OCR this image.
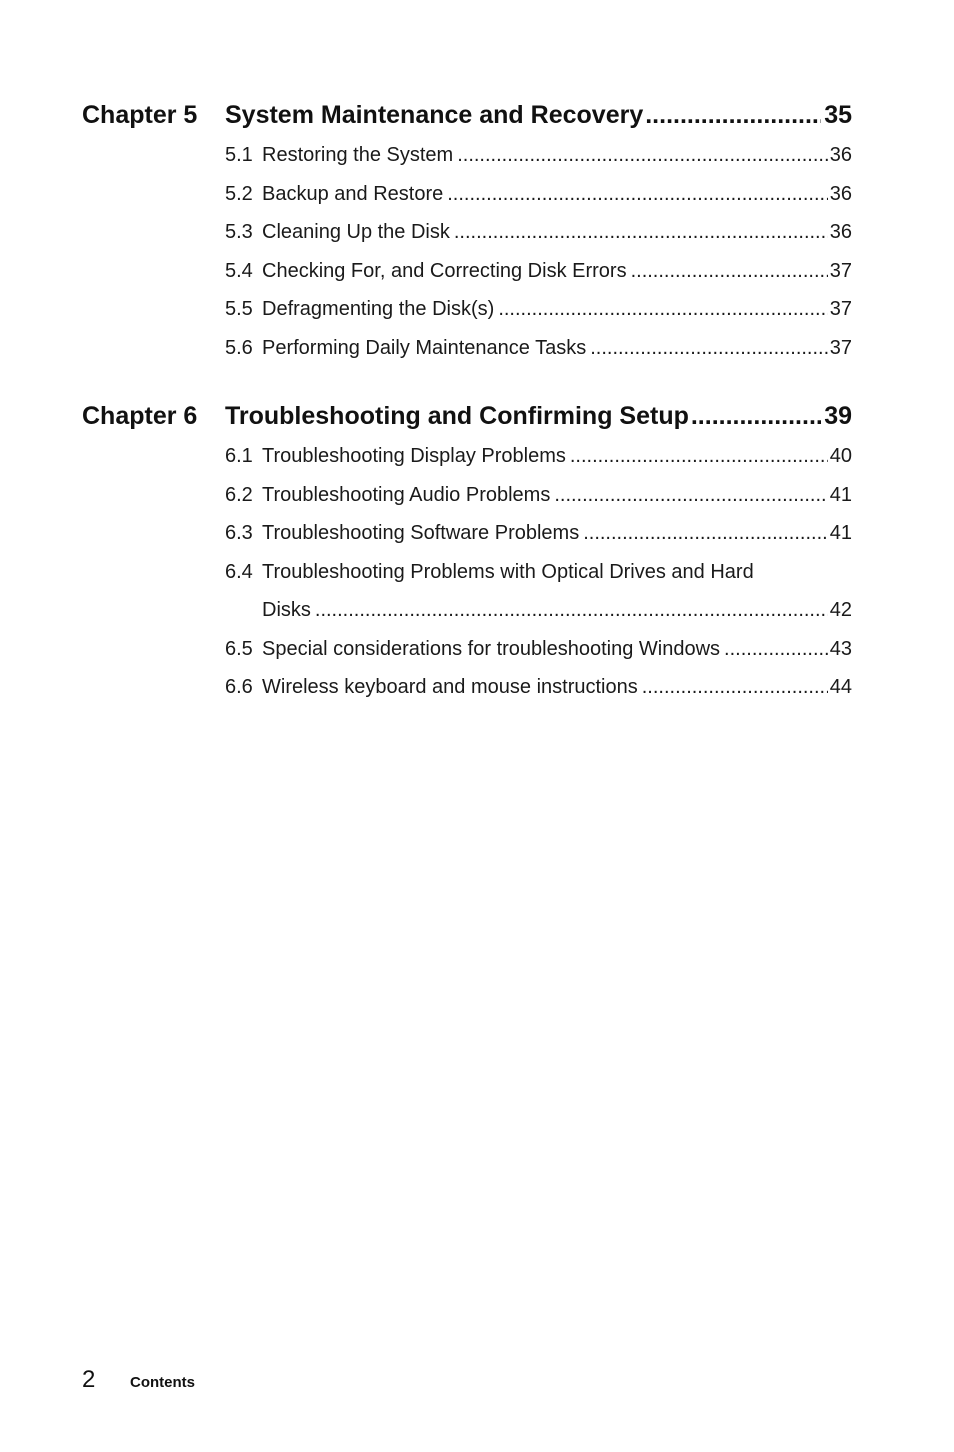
Chapter 5	System Maintenance and Recovery .....	35
5.1 Restoring the System .....	36
5.2 Backup and Restore .....	36
5.3 Cleaning Up the Disk .....	36
5.4 Checking For, and Correcting Disk Errors .....	37
5.5 Defragmenting the Disk(s) .....	37
5.6 Performing Daily Maintenance Tasks .....	37
Chapter 6	Troubleshooting and Confirming Setup .....	39
6.1 Troubleshooting Display Problems .....	40
6.2 Troubleshooting Audio Problems .....	41
6.3 Troubleshooting Software Problems .....	41
6.4 Troubleshooting Problems with Optical Drives and Hard
Disks .....	42
6.5 Special considerations for troubleshooting Windows .....	43
6.6 Wireless keyboard and mouse instructions .....	44
2	Contents
